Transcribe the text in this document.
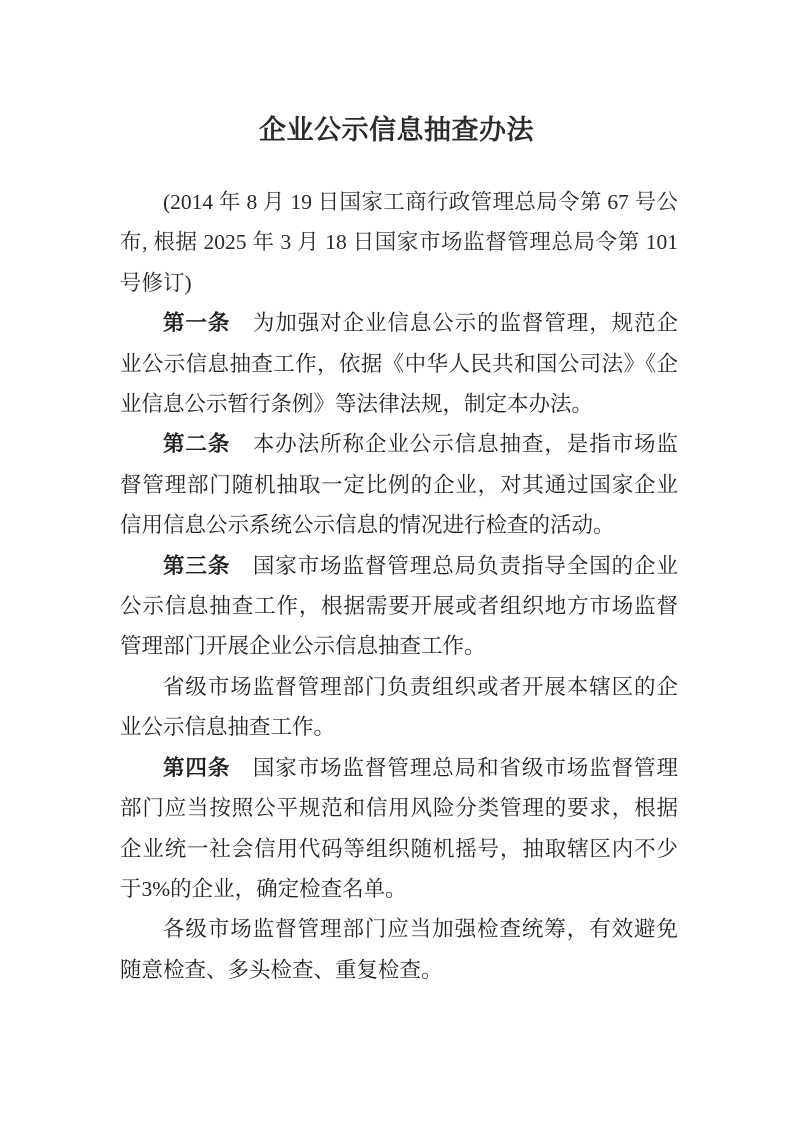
企业公示信息抽查办法

(2014 年 8 月 19 日国家工商行政管理总局令第 67 号公布, 根据 2025 年 3 月 18 日国家市场监督管理总局令第 101 号修订)

第一条 为加强对企业信息公示的监督管理，规范企业公示信息抽查工作，依据《中华人民共和国公司法》《企业信息公示暂行条例》等法律法规，制定本办法。

第二条 本办法所称企业公示信息抽查，是指市场监督管理部门随机抽取一定比例的企业，对其通过国家企业信用信息公示系统公示信息的情况进行检查的活动。

第三条 国家市场监督管理总局负责指导全国的企业公示信息抽查工作，根据需要开展或者组织地方市场监督管理部门开展企业公示信息抽查工作。

省级市场监督管理部门负责组织或者开展本辖区的企业公示信息抽查工作。

第四条 国家市场监督管理总局和省级市场监督管理部门应当按照公平规范和信用风险分类管理的要求，根据企业统一社会信用代码等组织随机摇号，抽取辖区内不少于3%的企业，确定检查名单。

各级市场监督管理部门应当加强检查统筹，有效避免随意检查、多头检查、重复检查。
